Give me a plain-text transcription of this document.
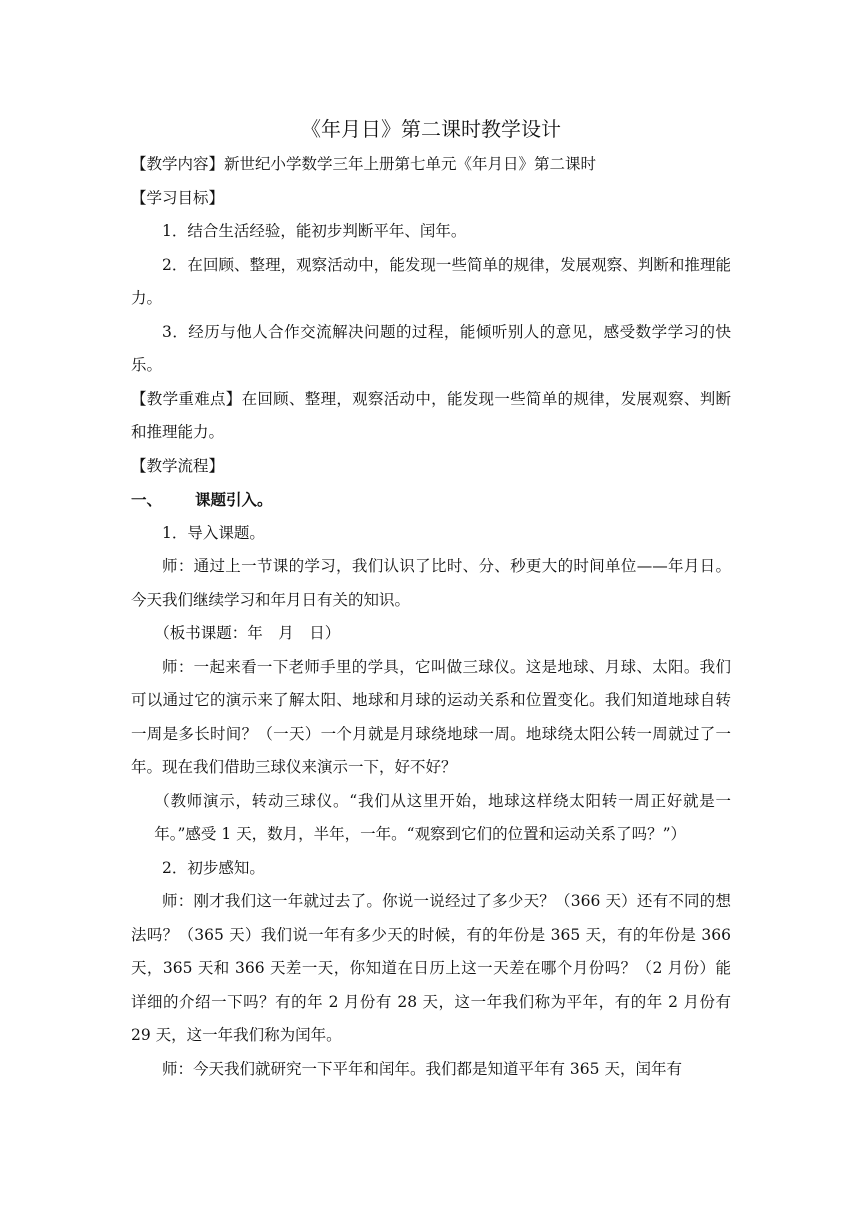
《年月日》第二课时教学设计

【教学内容】新世纪小学数学三年上册第七单元《年月日》第二课时

【学习目标】

1．结合生活经验，能初步判断平年、闰年。

2．在回顾、整理，观察活动中，能发现一些简单的规律，发展观察、判断和推理能力。

3．经历与他人合作交流解决问题的过程，能倾听别人的意见，感受数学学习的快乐。

【教学重难点】在回顾、整理，观察活动中，能发现一些简单的规律，发展观察、判断和推理能力。

【教学流程】

一、 课题引入。

1．导入课题。

师：通过上一节课的学习，我们认识了比时、分、秒更大的时间单位——年月日。今天我们继续学习和年月日有关的知识。

（板书课题：年　月　日）

师：一起来看一下老师手里的学具，它叫做三球仪。这是地球、月球、太阳。我们可以通过它的演示来了解太阳、地球和月球的运动关系和位置变化。我们知道地球自转一周是多长时间？（一天）一个月就是月球绕地球一周。地球绕太阳公转一周就过了一年。现在我们借助三球仪来演示一下，好不好？

（教师演示，转动三球仪。“我们从这里开始，地球这样绕太阳转一周正好就是一年。”感受 1 天，数月，半年，一年。“观察到它们的位置和运动关系了吗？”）

2．初步感知。

师：刚才我们这一年就过去了。你说一说经过了多少天？（366 天）还有不同的想法吗？（365 天）我们说一年有多少天的时候，有的年份是 365 天，有的年份是 366 天，365 天和 366 天差一天，你知道在日历上这一天差在哪个月份吗？（2 月份）能详细的介绍一下吗？有的年 2 月份有 28 天，这一年我们称为平年，有的年 2 月份有 29 天，这一年我们称为闰年。

师：今天我们就研究一下平年和闰年。我们都是知道平年有 365 天，闰年有
